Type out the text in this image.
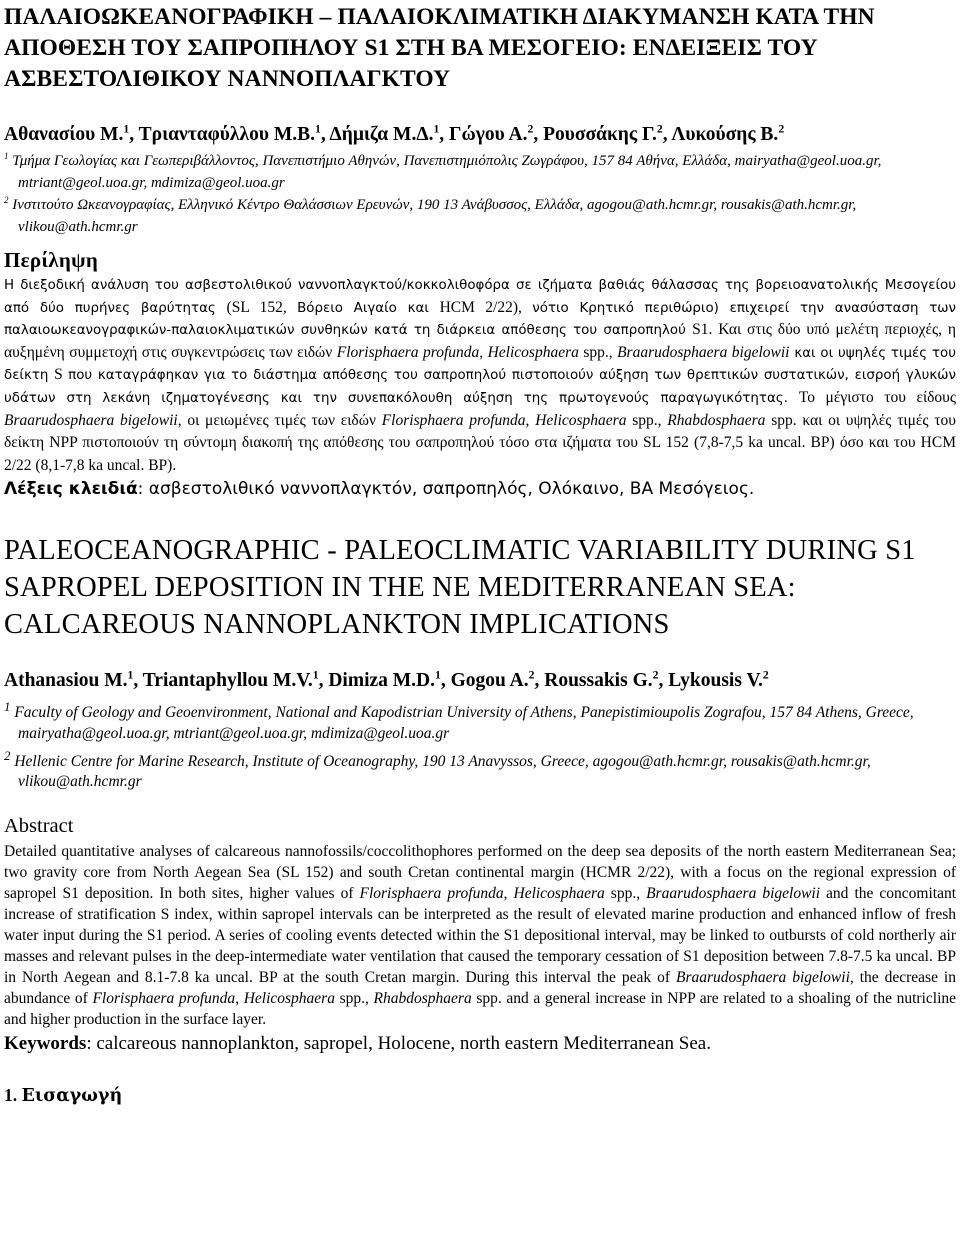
ΠΑΛΑΙΟΩΚΕΑΝΟΓΡΑΦΙΚΗ – ΠΑΛΑΙΟΚΛΙΜΑΤΙΚΗ ΔΙΑΚΥΜΑΝΣΗ ΚΑΤΑ ΤΗΝ ΑΠΟΘΕΣΗ ΤΟΥ ΣΑΠΡΟΠΗΛΟΥ S1 ΣΤΗ ΒΑ ΜΕΣΟΓΕΙΟ: ΕΝΔΕΙΞΕΙΣ ΤΟΥ ΑΣΒΕΣΤΟΛΙΘΙΚΟΥ ΝΑΝΝΟΠΛΑΓΚΤΟΥ
Αθανασίου Μ.$^1$, Τριανταφύλλου Μ.Β.$^1$, Δήμιζα Μ.Δ.$^1$, Γώγου Α.$^2$, Ρουσσάκης Γ.$^2$, Λυκούσης Β.$^2$
$^1$ Τμήμα Γεωλογίας και Γεωπεριβάλλοντος, Πανεπιστήμιο Αθηνών, Πανεπιστημιόπολις Ζωγράφου, 157 84 Αθήνα, Ελλάδα, mairyatha@geol.uoa.gr, mtriant@geol.uoa.gr, mdimiza@geol.uoa.gr
$^2$ Ινστιτούτο Ωκεανογραφίας, Ελληνικό Κέντρο Θαλάσσιων Ερευνών, 190 13 Ανάβυσσος, Ελλάδα, agogou@ath.hcmr.gr, rousakis@ath.hcmr.gr, vlikou@ath.hcmr.gr
Περίληψη
Η διεξοδική ανάλυση του ασβεστολιθικού ναννοπλαγκτού/κοκκολιθοφόρα σε ιζήματα βαθιάς θάλασσας της βορειοανατολικής Μεσογείου από δύο πυρήνες βαρύτητας (SL 152, Βόρειο Αιγαίο και HCM 2/22), νότιο Κρητικό περιθώριο) επιχειρεί την ανασύσταση των παλαιοωκεανογραφικών-παλαιοκλιματικών συνθηκών κατά τη διάρκεια απόθεσης του σαπροπηλού S1. Και στις δύο υπό μελέτη περιοχές, η αυξημένη συμμετοχή στις συγκεντρώσεις των ειδών Florisphaera profunda, Helicosphaera spp., Braarudosphaera bigelowii και οι υψηλές τιμές του δείκτη S που καταγράφηκαν για το διάστημα απόθεσης του σαπροπηλού πιστοποιούν αύξηση των θρεπτικών συστατικών, εισροή γλυκών υδάτων στη λεκάνη ιζηματογένεσης και την συνεπακόλουθη αύξηση της πρωτογενούς παραγωγικότητας. Το μέγιστο του είδους Braarudosphaera bigelowii, οι μειωμένες τιμές των ειδών Florisphaera profunda, Helicosphaera spp., Rhabdosphaera spp. και οι υψηλές τιμές του δείκτη NPP πιστοποιούν τη σύντομη διακοπή της απόθεσης του σαπροπηλού τόσο στα ιζήματα του SL 152 (7,8-7,5 ka uncal. BP) όσο και του HCM 2/22 (8,1-7,8 ka uncal. BP).
Λέξεις κλειδιά: ασβεστολιθικό ναννοπλαγκτόν, σαπροπηλός, Ολόκαινο, ΒΑ Μεσόγειος.
PALEOCEANOGRAPHIC - PALEOCLIMATIC VARIABILITY DURING S1 SAPROPEL DEPOSITION IN THE NE MEDITERRANEAN SEA: CALCAREOUS NANNOPLANKTON IMPLICATIONS
Athanasiou M.$^1$, Triantaphyllou M.V.$^1$, Dimiza M.D.$^1$, Gogou A.$^2$, Roussakis G.$^2$, Lykousis V.$^2$
$^1$ Faculty of Geology and Geoenvironment, National and Kapodistrian University of Athens, Panepistimioupolis Zografou, 157 84 Athens, Greece, mairyatha@geol.uoa.gr, mtriant@geol.uoa.gr, mdimiza@geol.uoa.gr
$^2$ Hellenic Centre for Marine Research, Institute of Oceanography, 190 13 Anavyssos, Greece, agogou@ath.hcmr.gr, rousakis@ath.hcmr.gr, vlikou@ath.hcmr.gr
Abstract
Detailed quantitative analyses of calcareous nannofossils/coccolithophores performed on the deep sea deposits of the north eastern Mediterranean Sea; two gravity core from North Aegean Sea (SL 152) and south Cretan continental margin (HCMR 2/22), with a focus on the regional expression of sapropel S1 deposition. In both sites, higher values of Florisphaera profunda, Helicosphaera spp., Braarudosphaera bigelowii and the concomitant increase of stratification S index, within sapropel intervals can be interpreted as the result of elevated marine production and enhanced inflow of fresh water input during the S1 period. A series of cooling events detected within the S1 depositional interval, may be linked to outbursts of cold northerly air masses and relevant pulses in the deep-intermediate water ventilation that caused the temporary cessation of S1 deposition between 7.8-7.5 ka uncal. BP in North Aegean and 8.1-7.8 ka uncal. BP at the south Cretan margin. During this interval the peak of Braarudosphaera bigelowii, the decrease in abundance of Florisphaera profunda, Helicosphaera spp., Rhabdosphaera spp. and a general increase in NPP are related to a shoaling of the nutricline and higher production in the surface layer.
Keywords: calcareous nannoplankton, sapropel, Holocene, north eastern Mediterranean Sea.
1. Εισαγωγή
